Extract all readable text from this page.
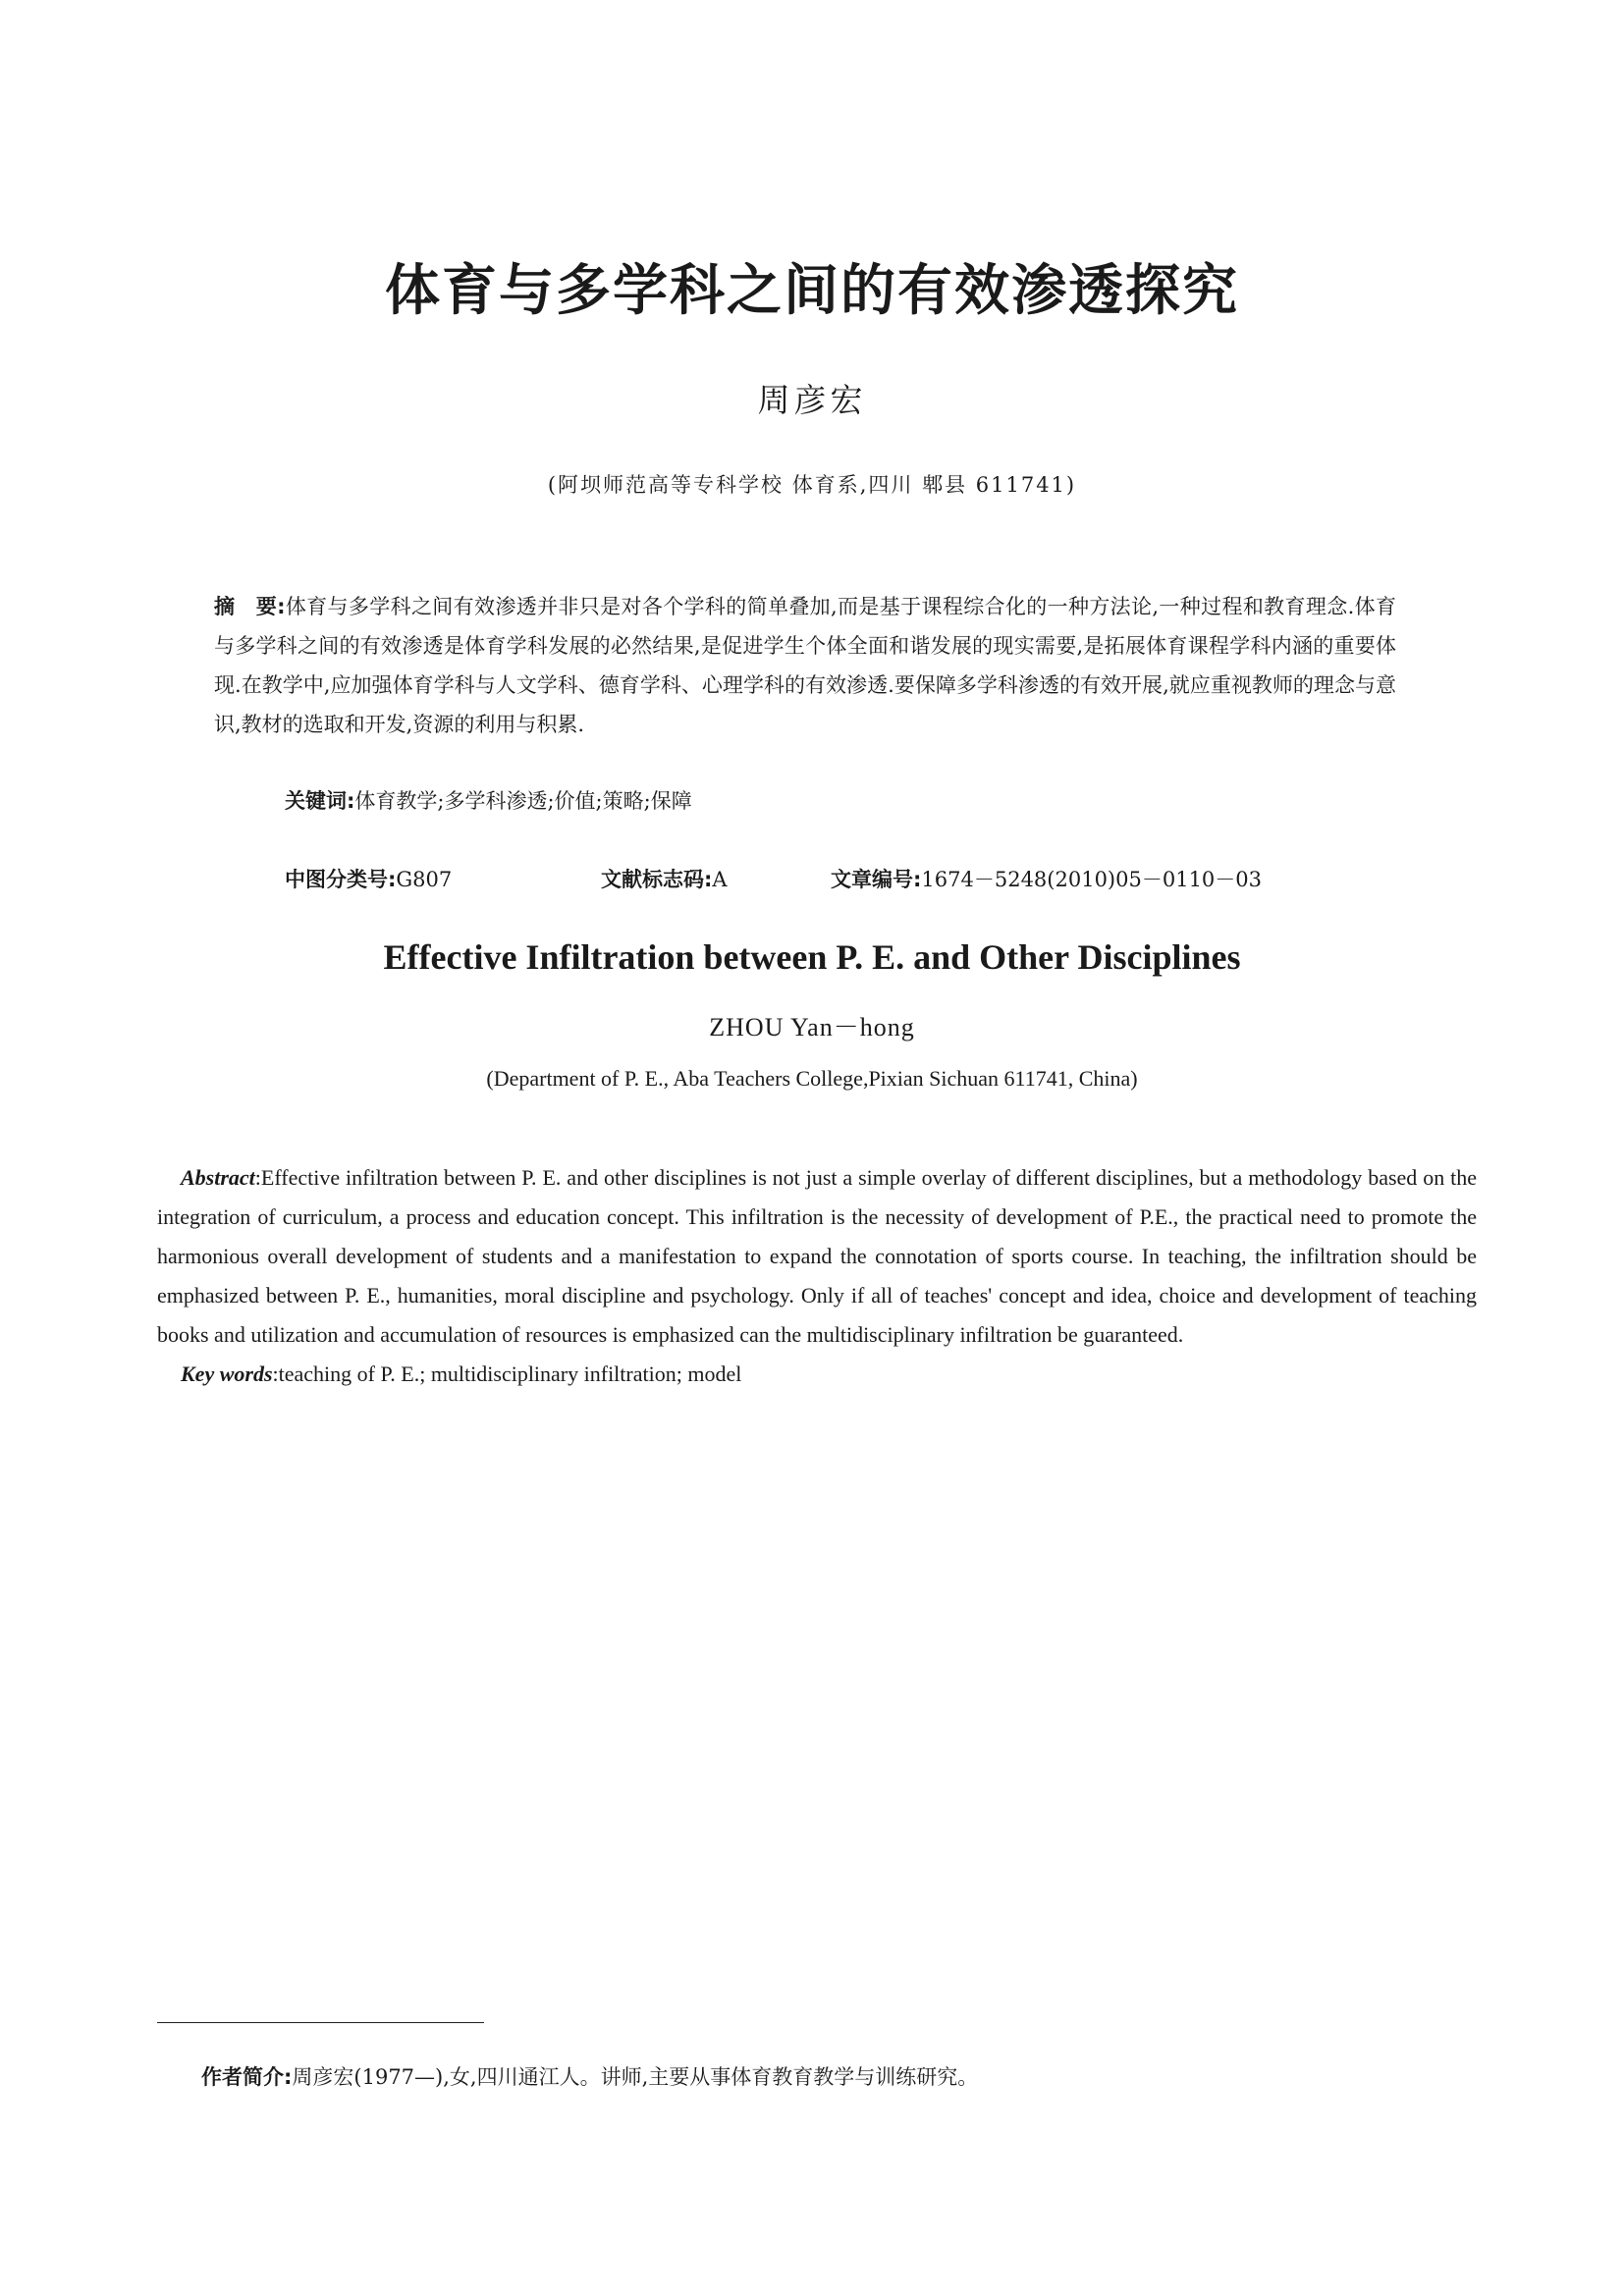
体育与多学科之间的有效渗透探究
周彦宏
(阿坝师范高等专科学校 体育系,四川 郫县 611741)
摘　要:体育与多学科之间有效渗透并非只是对各个学科的简单叠加,而是基于课程综合化的一种方法论,一种过程和教育理念.体育与多学科之间的有效渗透是体育学科发展的必然结果,是促进学生个体全面和谐发展的现实需要,是拓展体育课程学科内涵的重要体现.在教学中,应加强体育学科与人文学科、德育学科、心理学科的有效渗透.要保障多学科渗透的有效开展,就应重视教师的理念与意识,教材的选取和开发,资源的利用与积累.
关键词:体育教学;多学科渗透;价值;策略;保障
中图分类号:G807	文献标志码:A	文章编号:1674－5248(2010)05－0110－03
Effective Infiltration between P. E. and Other Disciplines
ZHOU Yan－hong
(Department of P. E., Aba Teachers College,Pixian Sichuan 611741, China)
Abstract:Effective infiltration between P. E. and other disciplines is not just a simple overlay of different disciplines, but a methodology based on the integration of curriculum, a process and education concept. This infiltration is the necessity of development of P.E., the practical need to promote the harmonious overall development of students and a manifestation to expand the connotation of sports course. In teaching, the infiltration should be emphasized between P. E., humanities, moral discipline and psychology. Only if all of teaches' concept and idea, choice and development of teaching books and utilization and accumulation of resources is emphasized can the multidisciplinary infiltration be guaranteed.
Key words:teaching of P. E.; multidisciplinary infiltration; model
作者简介:周彦宏(1977—),女,四川通江人。讲师,主要从事体育教育教学与训练研究。
